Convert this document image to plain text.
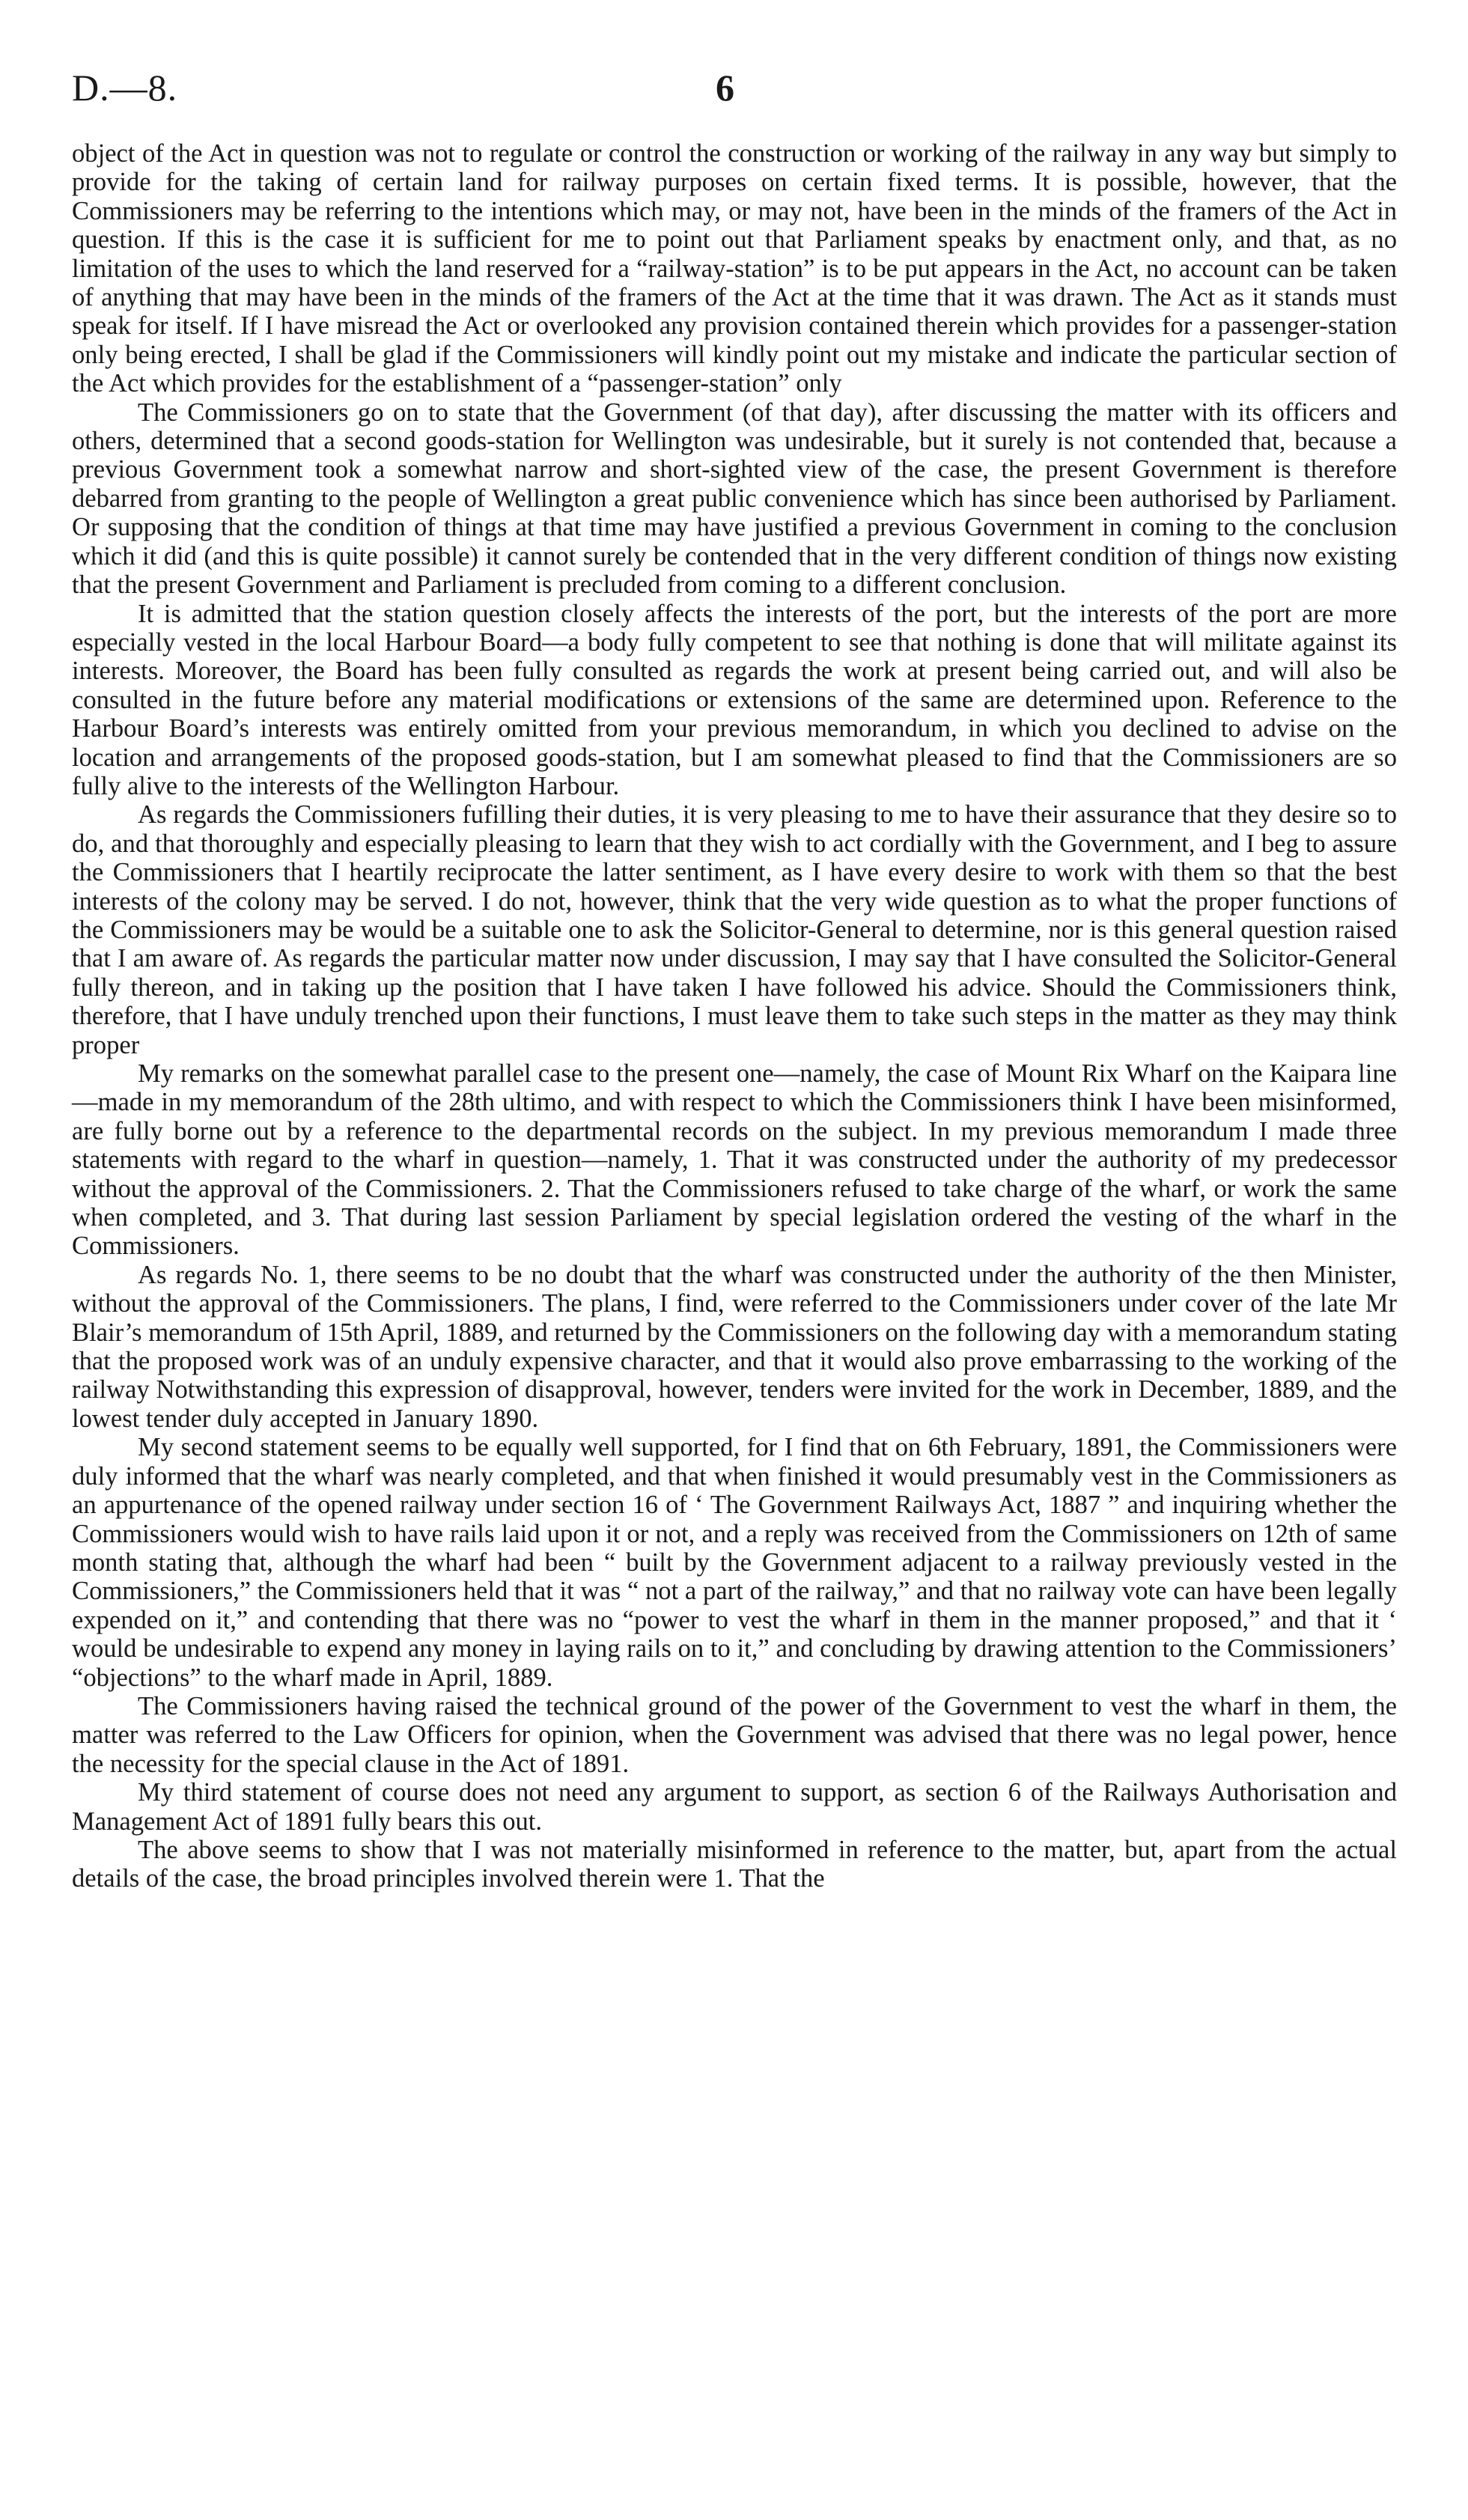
D.—8.	6

object of the Act in question was not to regulate or control the construction or working of the railway in any way but simply to provide for the taking of certain land for railway purposes on certain fixed terms. It is possible, however, that the Commissioners may be referring to the intentions which may, or may not, have been in the minds of the framers of the Act in question. If this is the case it is sufficient for me to point out that Parliament speaks by enactment only, and that, as no limitation of the uses to which the land reserved for a “railway-station” is to be put appears in the Act, no account can be taken of anything that may have been in the minds of the framers of the Act at the time that it was drawn. The Act as it stands must speak for itself. If I have misread the Act or overlooked any provision contained therein which provides for a passenger-station only being erected, I shall be glad if the Commissioners will kindly point out my mistake and indicate the particular section of the Act which provides for the establishment of a “passenger-station” only

The Commissioners go on to state that the Government (of that day), after discussing the matter with its officers and others, determined that a second goods-station for Wellington was undesirable, but it surely is not contended that, because a previous Government took a somewhat narrow and short-sighted view of the case, the present Government is therefore debarred from granting to the people of Wellington a great public convenience which has since been authorised by Parliament. Or supposing that the condition of things at that time may have justified a previous Government in coming to the conclusion which it did (and this is quite possible) it cannot surely be contended that in the very different condition of things now existing that the present Government and Parliament is precluded from coming to a different conclusion.

It is admitted that the station question closely affects the interests of the port, but the interests of the port are more especially vested in the local Harbour Board—a body fully competent to see that nothing is done that will militate against its interests. Moreover, the Board has been fully consulted as regards the work at present being carried out, and will also be consulted in the future before any material modifications or extensions of the same are determined upon. Reference to the Harbour Board’s interests was entirely omitted from your previous memorandum, in which you declined to advise on the location and arrangements of the proposed goods-station, but I am somewhat pleased to find that the Commissioners are so fully alive to the interests of the Wellington Harbour.

As regards the Commissioners fufilling their duties, it is very pleasing to me to have their assurance that they desire so to do, and that thoroughly and especially pleasing to learn that they wish to act cordially with the Government, and I beg to assure the Commissioners that I heartily reciprocate the latter sentiment, as I have every desire to work with them so that the best interests of the colony may be served. I do not, however, think that the very wide question as to what the proper functions of the Commissioners may be would be a suitable one to ask the Solicitor-General to determine, nor is this general question raised that I am aware of. As regards the particular matter now under discussion, I may say that I have consulted the Solicitor-General fully thereon, and in taking up the position that I have taken I have followed his advice. Should the Commissioners think, therefore, that I have unduly trenched upon their functions, I must leave them to take such steps in the matter as they may think proper

My remarks on the somewhat parallel case to the present one—namely, the case of Mount Rix Wharf on the Kaipara line—made in my memorandum of the 28th ultimo, and with respect to which the Commissioners think I have been misinformed, are fully borne out by a reference to the departmental records on the subject. In my previous memorandum I made three statements with regard to the wharf in question—namely, 1. That it was constructed under the authority of my predecessor without the approval of the Commissioners. 2. That the Commissioners refused to take charge of the wharf, or work the same when completed, and 3. That during last session Parliament by special legislation ordered the vesting of the wharf in the Commissioners.

As regards No. 1, there seems to be no doubt that the wharf was constructed under the authority of the then Minister, without the approval of the Commissioners. The plans, I find, were referred to the Commissioners under cover of the late Mr Blair’s memorandum of 15th April, 1889, and returned by the Commissioners on the following day with a memorandum stating that the proposed work was of an unduly expensive character, and that it would also prove embarrassing to the working of the railway Notwithstanding this expression of disapproval, however, tenders were invited for the work in December, 1889, and the lowest tender duly accepted in January 1890.

My second statement seems to be equally well supported, for I find that on 6th February, 1891, the Commissioners were duly informed that the wharf was nearly completed, and that when finished it would presumably vest in the Commissioners as an appurtenance of the opened railway under section 16 of ‘ The Government Railways Act, 1887 ” and inquiring whether the Commissioners would wish to have rails laid upon it or not, and a reply was received from the Commissioners on 12th of same month stating that, although the wharf had been “ built by the Government adjacent to a railway previously vested in the Commissioners,” the Commissioners held that it was “ not a part of the railway,” and that no railway vote can have been legally expended on it,” and contending that there was no “power to vest the wharf in them in the manner proposed,” and that it ‘ would be undesirable to expend any money in laying rails on to it,” and concluding by drawing attention to the Commissioners’ “objections” to the wharf made in April, 1889.

The Commissioners having raised the technical ground of the power of the Government to vest the wharf in them, the matter was referred to the Law Officers for opinion, when the Government was advised that there was no legal power, hence the necessity for the special clause in the Act of 1891.

My third statement of course does not need any argument to support, as section 6 of the Railways Authorisation and Management Act of 1891 fully bears this out.

The above seems to show that I was not materially misinformed in reference to the matter, but, apart from the actual details of the case, the broad principles involved therein were 1. That the
